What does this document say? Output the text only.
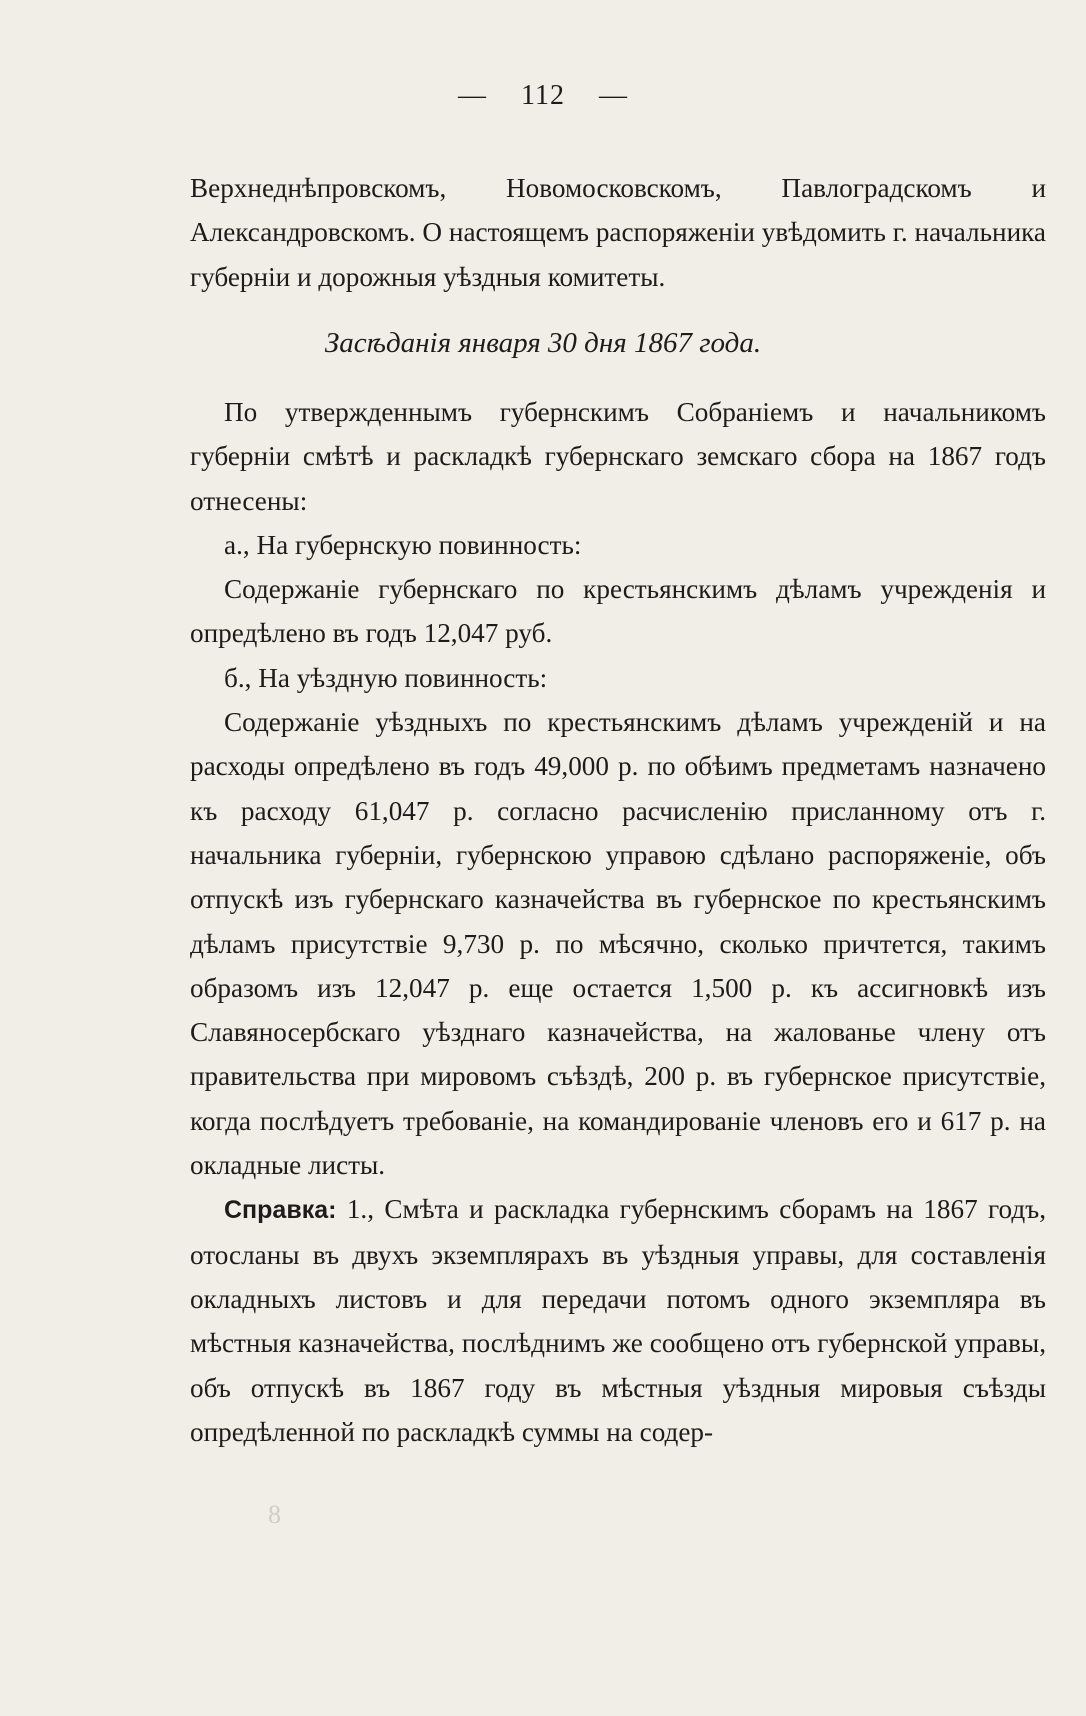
— 112 —

Верхнеднѣпровскомъ, Новомосковскомъ, Павлоградскомъ и Александровскомъ. О настоящемъ распоряженіи увѣдомить г. начальника губерніи и дорожныя уѣздныя комитеты.

Засѣданія января 30 дня 1867 года.

По утвержденнымъ губернскимъ Собраніемъ и начальникомъ губерніи смѣтѣ и раскладкѣ губернскаго земскаго сбора на 1867 годъ отнесены:

а., На губернскую повинность:

Содержаніе губернскаго по крестьянскимъ дѣламъ учрежденія и опредѣлено въ годъ 12,047 руб.

б., На уѣздную повинность:

Содержаніе уѣздныхъ по крестьянскимъ дѣламъ учрежденій и на расходы опредѣлено въ годъ 49,000 р. по обѣимъ предметамъ назначено къ расходу 61,047 р. согласно расчисленію присланному отъ г. начальника губерніи, губернскою управою сдѣлано распоряженіе, объ отпускѣ изъ губернскаго казначейства въ губернское по крестьянскимъ дѣламъ присутствіе 9,730 р. по мѣсячно, сколько причтется, такимъ образомъ изъ 12,047 р. еще остается 1,500 р. къ ассигновкѣ изъ Славяносербскаго уѣзднаго казначейства, на жалованье члену отъ правительства при мировомъ съѣздѣ, 200 р. въ губернское присутствіе, когда послѣдуетъ требованіе, на командированіе членовъ его и 617 р. на окладные листы.

Справка: 1., Смѣта и раскладка губернскимъ сборамъ на 1867 годъ, отосланы въ двухъ экземплярахъ въ уѣздныя управы, для составленія окладныхъ листовъ и для передачи потомъ одного экземпляра въ мѣстныя казначейства, послѣднимъ же сообщено отъ губернской управы, объ отпускѣ въ 1867 году въ мѣстныя уѣздныя мировыя съѣзды опредѣленной по раскладкѣ суммы на содер-

8
